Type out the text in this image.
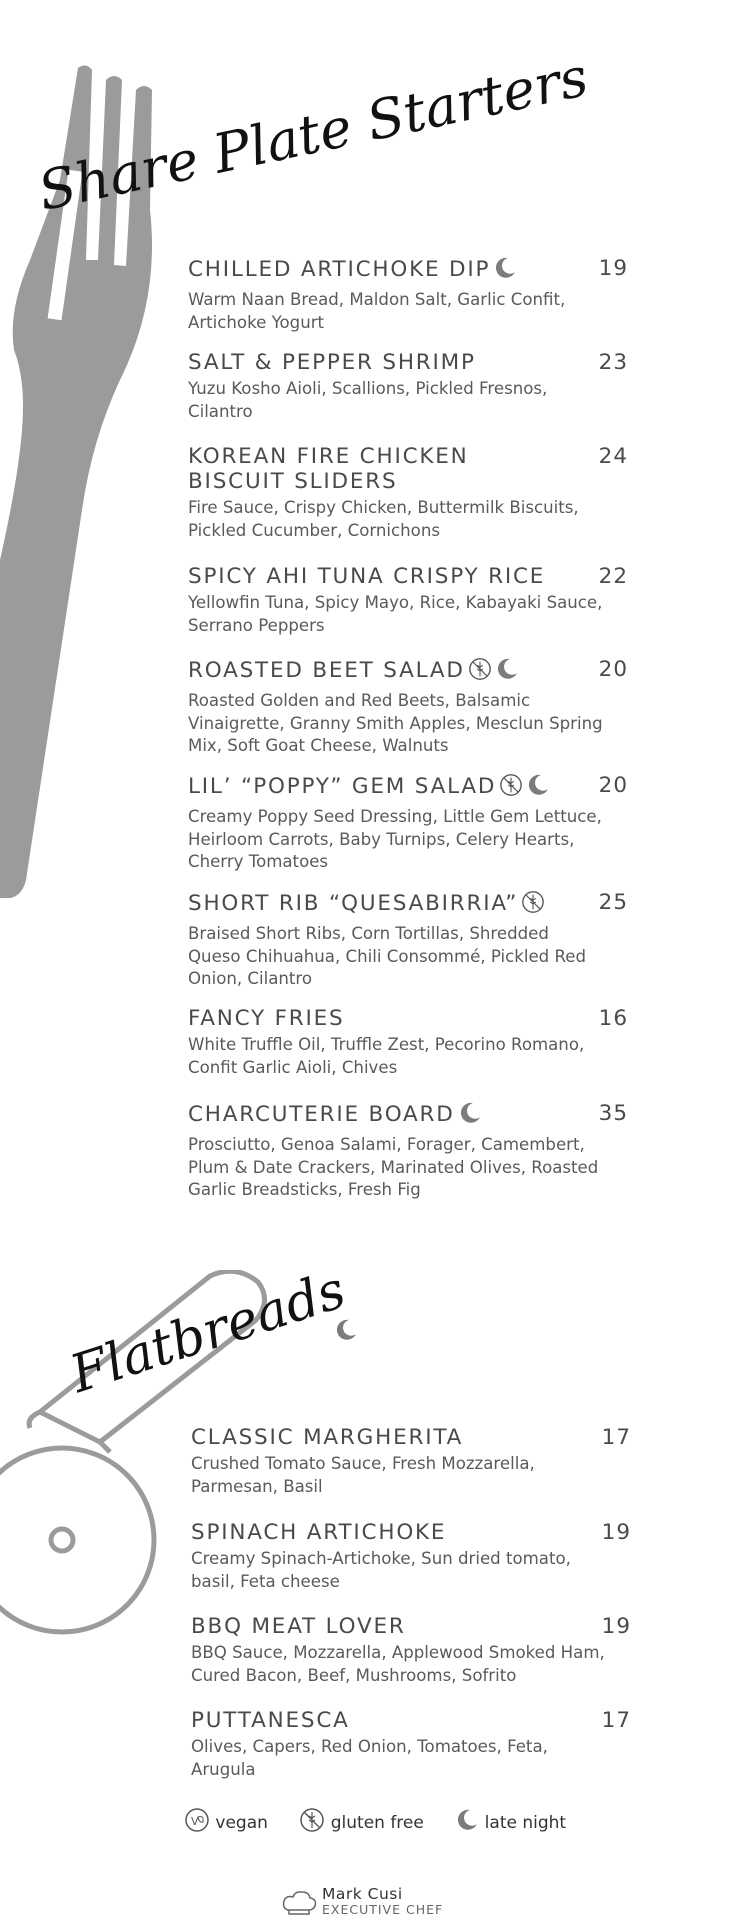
Share Plate Starters
Flatbreads
CHILLED ARTICHOKE DIP	19
Warm Naan Bread, Maldon Salt, Garlic Confit, Artichoke Yogurt
SALT & PEPPER SHRIMP	23
Yuzu Kosho Aioli, Scallions, Pickled Fresnos, Cilantro
KOREAN FIRE CHICKEN BISCUIT SLIDERS
24
Fire Sauce, Crispy Chicken, Buttermilk Biscuits, Pickled Cucumber, Cornichons
SPICY AHI TUNA CRISPY RICE	22
Yellowfin Tuna, Spicy Mayo, Rice, Kabayaki Sauce, Serrano Peppers
ROASTED BEET SALAD	20
Roasted Golden and Red Beets, Balsamic Vinaigrette, Granny Smith Apples, Mesclun Spring Mix, Soft Goat Cheese, Walnuts
LIL’ “POPPY” GEM SALAD	20
Creamy Poppy Seed Dressing, Little Gem Lettuce, Heirloom Carrots, Baby Turnips, Celery Hearts, Cherry Tomatoes
SHORT RIB “QUESABIRRIA”	25
Braised Short Ribs, Corn Tortillas, Shredded Queso Chihuahua, Chili Consommé, Pickled Red Onion, Cilantro
FANCY FRIES	16
White Truffle Oil, Truffle Zest, Pecorino Romano, Confit Garlic Aioli, Chives
CHARCUTERIE BOARD	35
Prosciutto, Genoa Salami, Forager, Camembert, Plum & Date Crackers, Marinated Olives, Roasted Garlic Breadsticks, Fresh Fig
CLASSIC MARGHERITA	17
Crushed Tomato Sauce, Fresh Mozzarella, Parmesan, Basil
SPINACH ARTICHOKE	19
Creamy Spinach-Artichoke, Sun dried tomato, basil, Feta cheese
BBQ MEAT LOVER	19
BBQ Sauce, Mozzarella, Applewood Smoked Ham, Cured Bacon, Beef, Mushrooms, Sofrito
PUTTANESCA	17
Olives, Capers, Red Onion, Tomatoes, Feta, Arugula
V vegan	gluten free	late night
Mark Cusi
EXECUTIVE CHEF
